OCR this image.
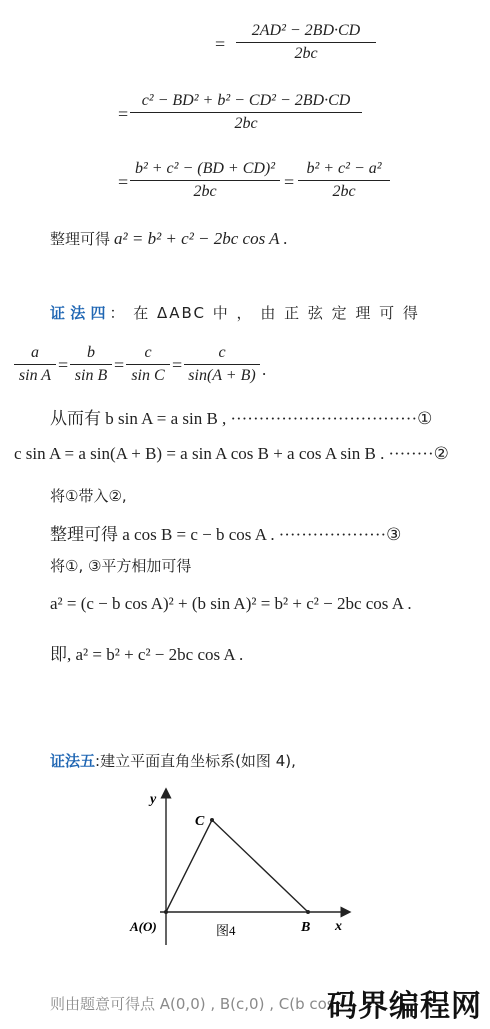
=
2AD² − 2BD·CD
2bc
=
c² − BD² + b² − CD² − 2BD·CD
2bc
=
b² + c² − (BD + CD)²
2bc	=
b² + c² − a²
2bc
整理可得 a² = b² + c² − 2bc cos A .
证 法 四 ： 在 ΔABC 中 ， 由 正 弦 定 理 可 得
a
sin A
=
b
sin B
=
c
sin C
=
c
sin(A + B) .
从而有 b sin A = a sin B , ·································①
c sin A = a sin(A + B) = a sin A cos B + a cos A sin B . ········②
将①带入②,
整理可得 a cos B = c − b cos A . ···················③
将①, ③平方相加可得
a² = (c − b cos A)² + (b sin A)² = b² + c² − 2bc cos A .
即, a² = b² + c² − 2bc cos A .
证法五:建立平面直角坐标系(如图 4),
y
x
C
B
A(O)	图4
则由题意可得点 A(0,0) , B(c,0) , C(b cos
码界编程网
